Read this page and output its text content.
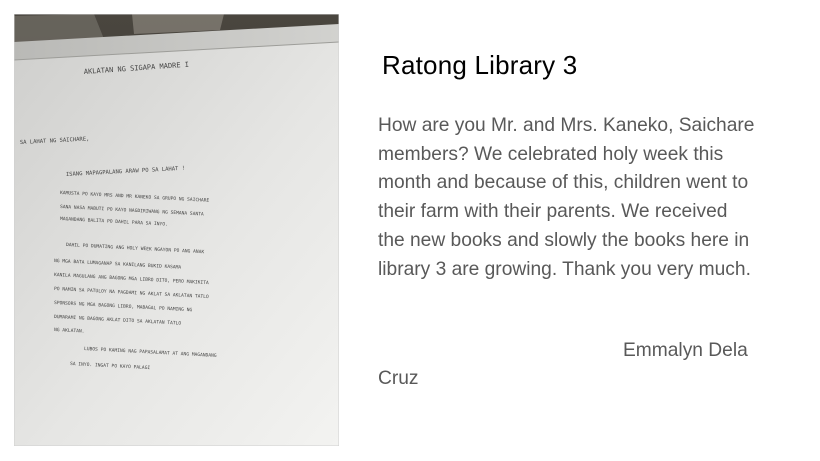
AKLATAN NG SIGAPA MADRE I
SA LAHAT NG SAICHARE,
ISANG MAPAGPALANG ARAW PO SA LAHAT !
KAMUSTA PO KAYO MRS AND MR KANEKO SA GRUPO NG SAICHARE
SANA NASA MABUTI PO KAYO NAGDIRIWANG NG SEMANA SANTA
MAGANDANG BALITA PO DAHIL PARA SA INYO.
DAHIL PO DUMATING ANG HOLY WEEK NGAYON PO ANG ANAK
NG MGA BATA LUMAGANAP SA KANILANG BUKID KASAMA
KANILA MAGULANG ANG BAGONG MGA LIBRO DITO, PERO MAKIKITA
PO NAMIN SA PATULOY NA PAGDAMI NG AKLAT SA AKLATAN TATLO
SPONSORS NG MGA BAGONG LIBRO, MABAGAL PO NAMING NG
DUMARAMI NG BAGONG AKLAT DITO SA AKLATAN TATLO
NG AKLATAN.
LUBOS PO KAMING NAG PAPASALAMAT AT ANG MAGANDANG
SA INYO. INGAT PO KAYO PALAGI
Ratong Library 3
How are you Mr. and Mrs. Kaneko, Saichare
members? We celebrated holy week this
month and because of this, children went to
their farm with their parents. We received
the new books and slowly the books here in
library 3 are growing. Thank you very much.
Emmalyn Dela
Cruz
